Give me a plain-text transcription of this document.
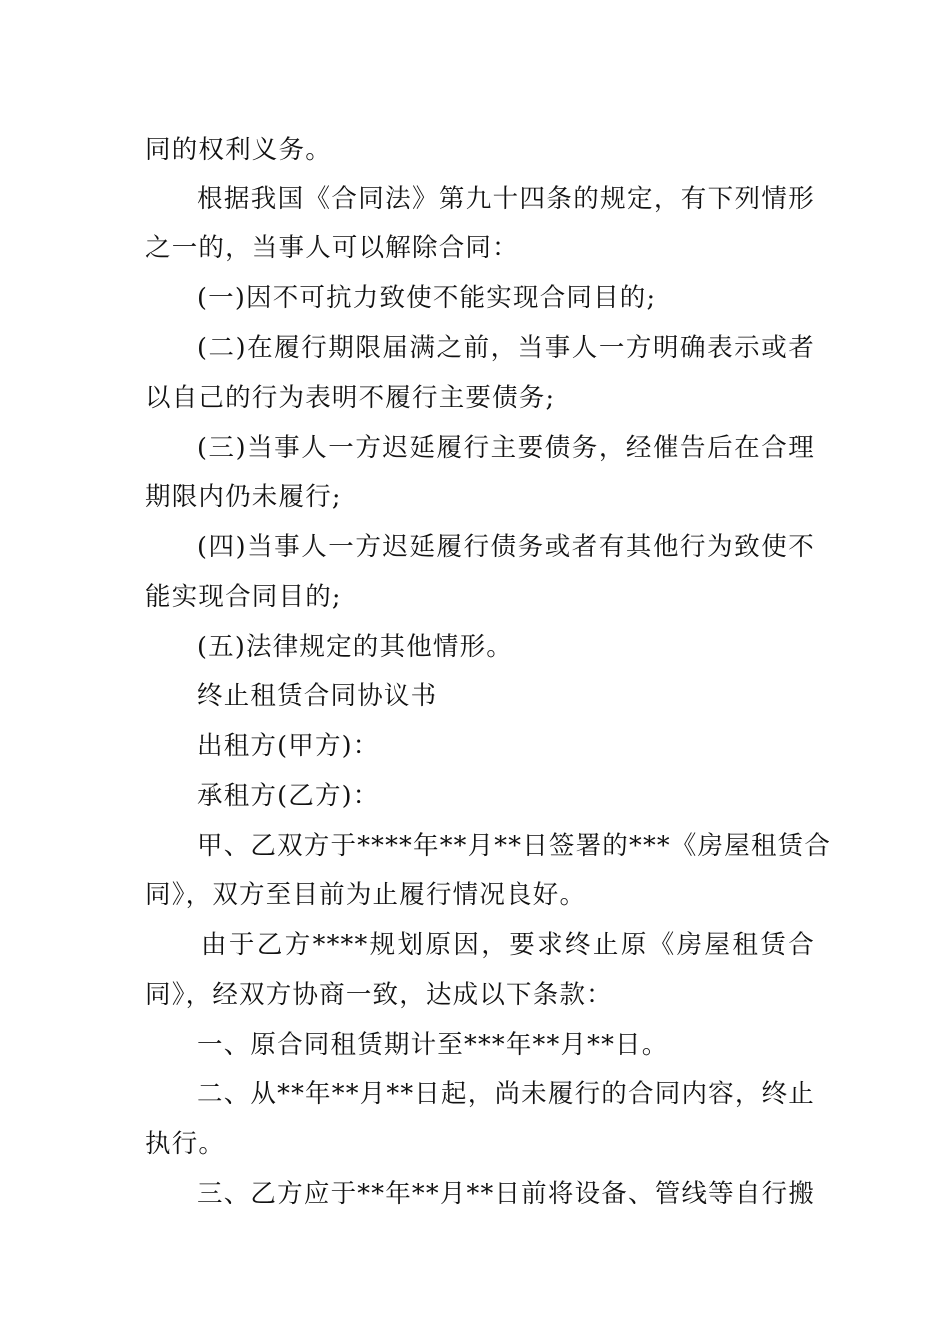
同的权利义务。
根据我国《合同法》第九十四条的规定，有下列情形
之一的，当事人可以解除合同：
(一)因不可抗力致使不能实现合同目的;
(二)在履行期限届满之前，当事人一方明确表示或者
以自己的行为表明不履行主要债务;
(三)当事人一方迟延履行主要债务，经催告后在合理
期限内仍未履行;
(四)当事人一方迟延履行债务或者有其他行为致使不
能实现合同目的;
(五)法律规定的其他情形。
终止租赁合同协议书
出租方(甲方)：
承租方(乙方)：
甲、乙双方于****年**月**日签署的***《房屋租赁合
同》，双方至目前为止履行情况良好。
由于乙方****规划原因，要求终止原《房屋租赁合
同》，经双方协商一致，达成以下条款：
一、原合同租赁期计至***年**月**日。
二、从**年**月**日起，尚未履行的合同内容，终止
执行。
三、乙方应于**年**月**日前将设备、管线等自行搬
